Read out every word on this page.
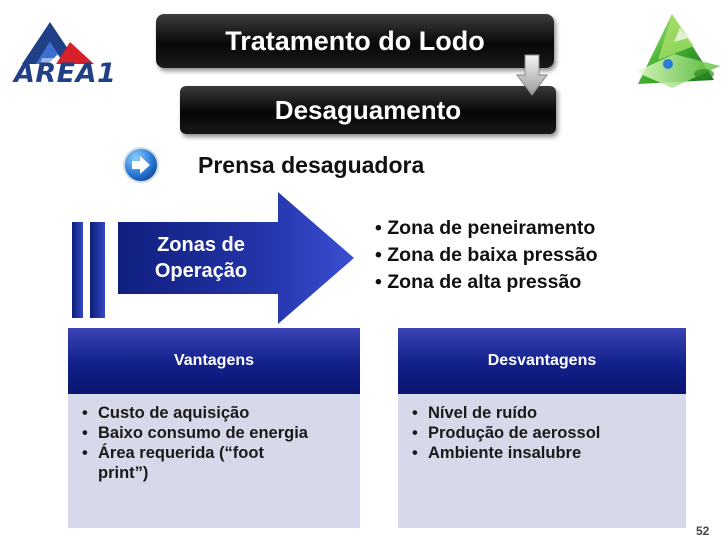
ÁREA1
Tratamento do Lodo
Desaguamento
Prensa desaguadora
Zonas de
Operação
• Zona de peneiramento
• Zona de baixa pressão
• Zona de alta pressão
Vantagens
• Custo de aquisição
• Baixo consumo de energia
• Área requerida (“foot print”)
Desvantagens
• Nível de ruído
• Produção de aerossol
• Ambiente insalubre
52
